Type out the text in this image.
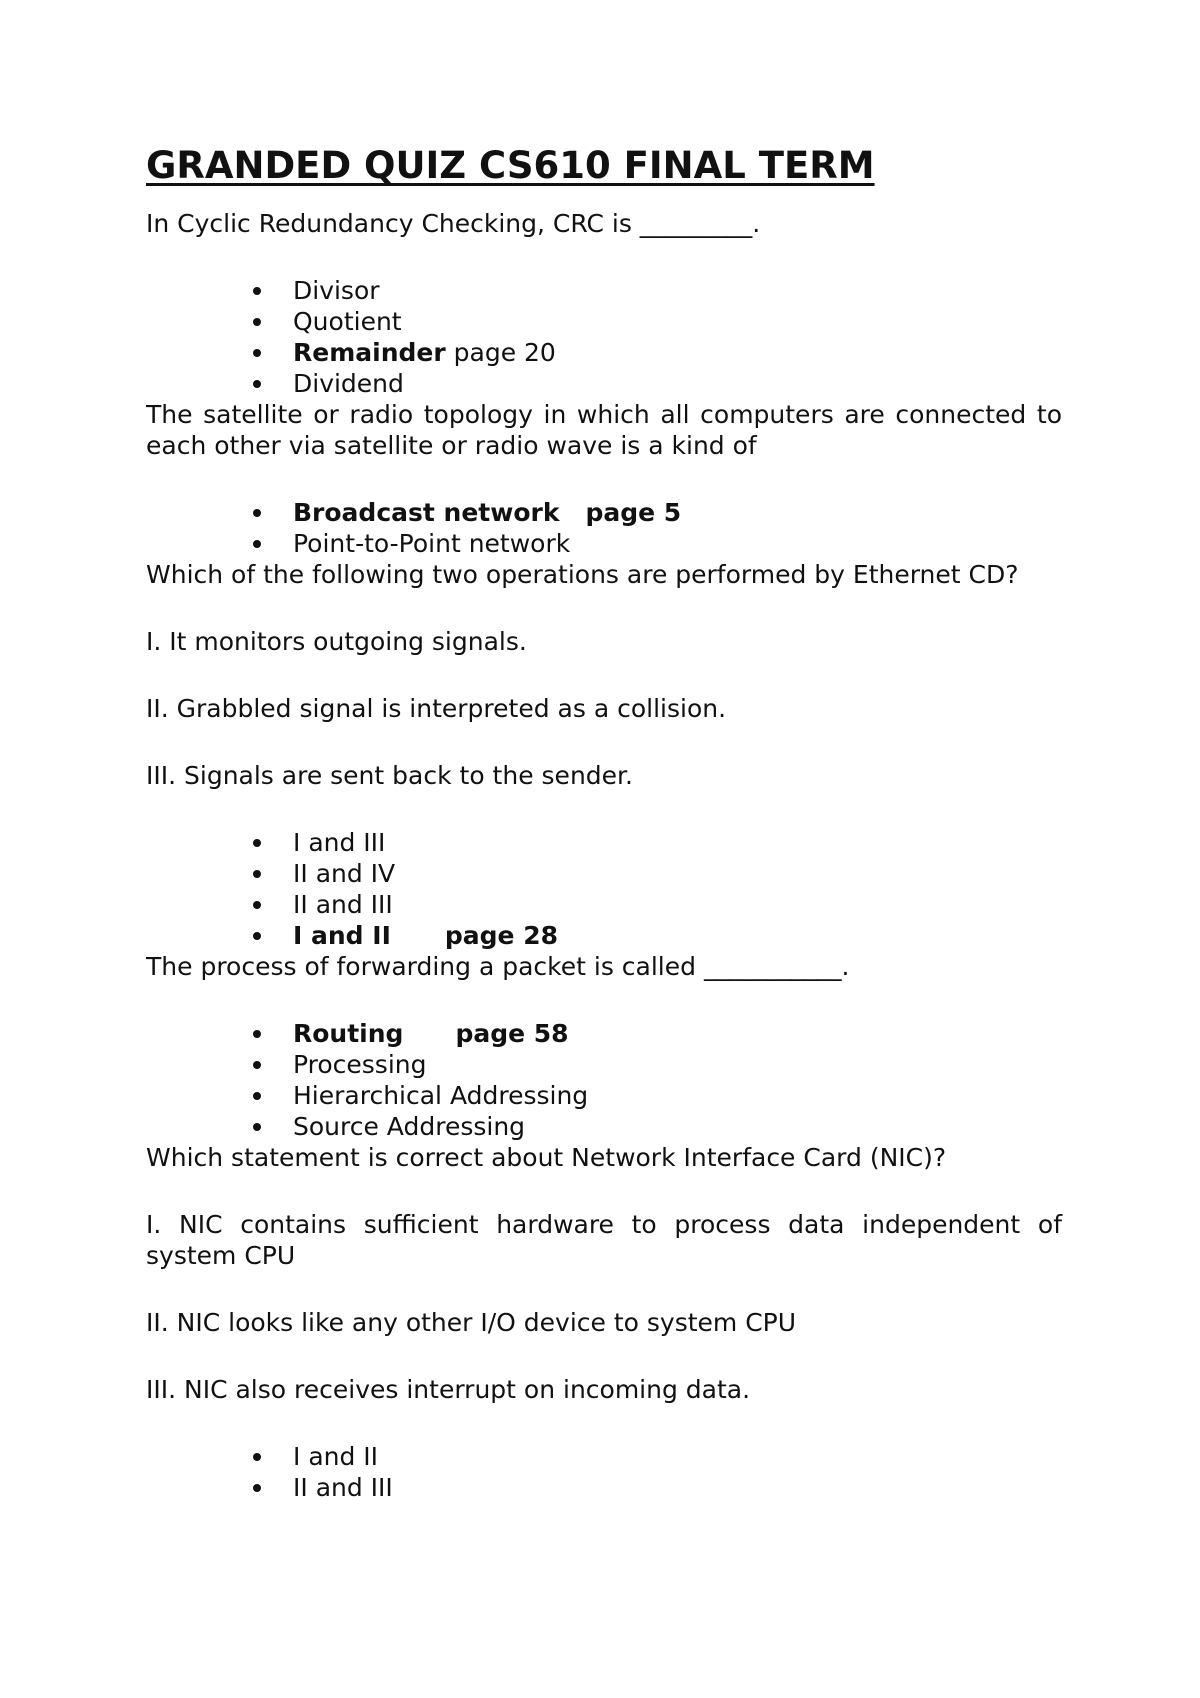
GRANDED QUIZ CS610 FINAL TERM

In Cyclic Redundancy Checking, CRC is _________.

Divisor
Quotient
Remainder page 20
Dividend

The satellite or radio topology in which all computers are connected to each other via satellite or radio wave is a kind of

Broadcast network page 5
Point-to-Point network

Which of the following two operations are performed by Ethernet CD?

I. It monitors outgoing signals.

II. Grabbled signal is interpreted as a collision.

III. Signals are sent back to the sender.

I and III
II and IV
II and III
I and II page 28

The process of forwarding a packet is called ___________.

Routing page 58
Processing
Hierarchical Addressing
Source Addressing

Which statement is correct about Network Interface Card (NIC)?

I. NIC contains sufficient hardware to process data independent of system CPU

II. NIC looks like any other I/O device to system CPU

III. NIC also receives interrupt on incoming data.

I and II
II and III
